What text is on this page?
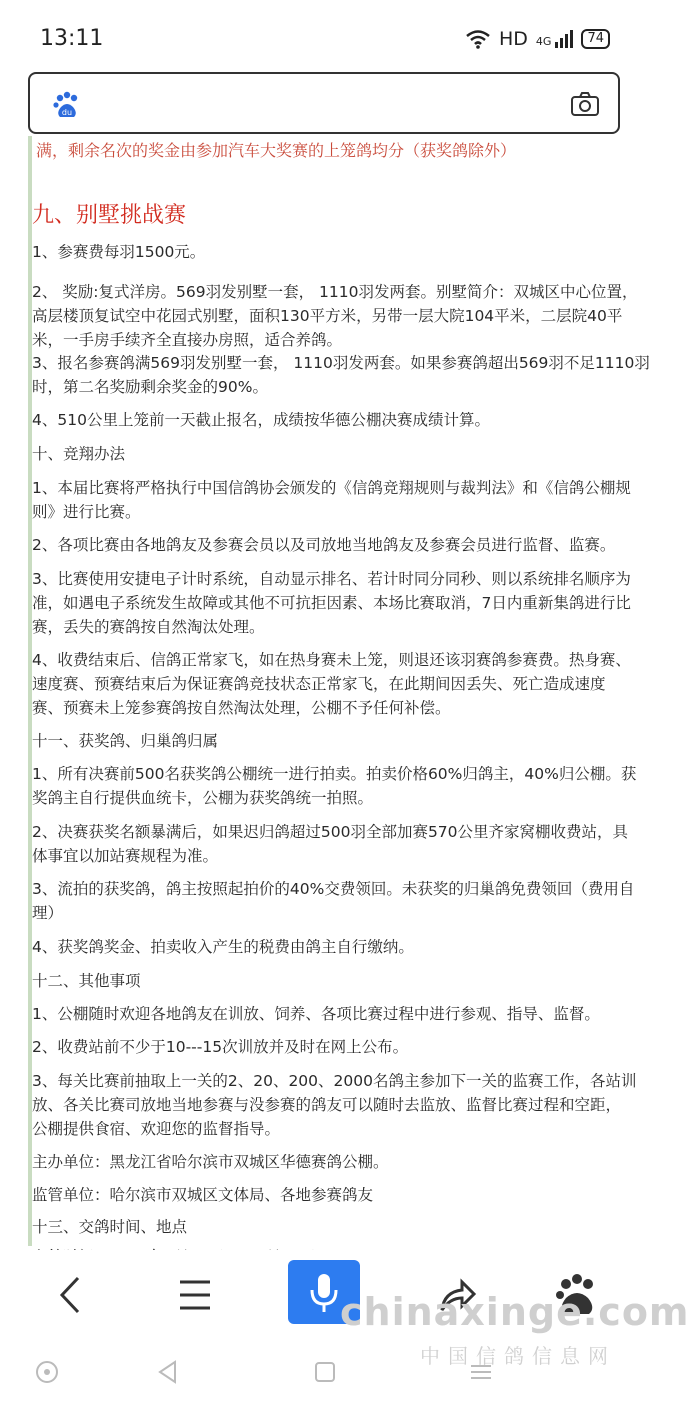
13:11	HD 4G	74
du
满，剩余名次的奖金由参加汽车大奖赛的上笼鸽均分（获奖鸽除外）
九、别墅挑战赛
1、参赛费每羽1500元。
2、 奖励:复式洋房。569羽发别墅一套， 1110羽发两套。别墅简介：双城区中心位置，
高层楼顶复试空中花园式别墅，面积130平方米，另带一层大院104平米，二层院40平
米，一手房手续齐全直接办房照，适合养鸽。
3、报名参赛鸽满569羽发别墅一套， 1110羽发两套。如果参赛鸽超出569羽不足1110羽
时，第二名奖励剩余奖金的90%。
4、510公里上笼前一天截止报名，成绩按华德公棚决赛成绩计算。
十、竞翔办法
1、本届比赛将严格执行中国信鸽协会颁发的《信鸽竞翔规则与裁判法》和《信鸽公棚规
则》进行比赛。
2、各项比赛由各地鸽友及参赛会员以及司放地当地鸽友及参赛会员进行监督、监赛。
3、比赛使用安捷电子计时系统，自动显示排名、若计时同分同秒、则以系统排名顺序为
准，如遇电子系统发生故障或其他不可抗拒因素、本场比赛取消，7日内重新集鸽进行比
赛，丢失的赛鸽按自然淘汰处理。
4、收费结束后、信鸽正常家飞，如在热身赛未上笼，则退还该羽赛鸽参赛费。热身赛、
速度赛、预赛结束后为保证赛鸽竞技状态正常家飞，在此期间因丢失、死亡造成速度
赛、预赛未上笼参赛鸽按自然淘汰处理，公棚不予任何补偿。
十一、获奖鸽、归巢鸽归属
1、所有决赛前500名获奖鸽公棚统一进行拍卖。拍卖价格60%归鸽主，40%归公棚。获
奖鸽主自行提供血统卡，公棚为获奖鸽统一拍照。
2、决赛获奖名额暴满后，如果迟归鸽超过500羽全部加赛570公里齐家窝棚收费站，具
体事宜以加站赛规程为准。
3、流拍的获奖鸽，鸽主按照起拍价的40%交费领回。未获奖的归巢鸽免费领回（费用自
理）
4、获奖鸽奖金、拍卖收入产生的税费由鸽主自行缴纳。
十二、其他事项
1、公棚随时欢迎各地鸽友在训放、饲养、各项比赛过程中进行参观、指导、监督。
2、收费站前不少于10---15次训放并及时在网上公布。
3、每关比赛前抽取上一关的2、20、200、2000名鸽主参加下一关的监赛工作，各站训
放、各关比赛司放地当地参赛与没参赛的鸽友可以随时去监放、监督比赛过程和空距，
公棚提供食宿、欢迎您的监督指导。
主办单位：黑龙江省哈尔滨市双城区华德赛鸽公棚。
监管单位：哈尔滨市双城区文体局、各地参赛鸽友
十三、交鸽时间、地点
chinaxinge.com
中国信鸽信息网
